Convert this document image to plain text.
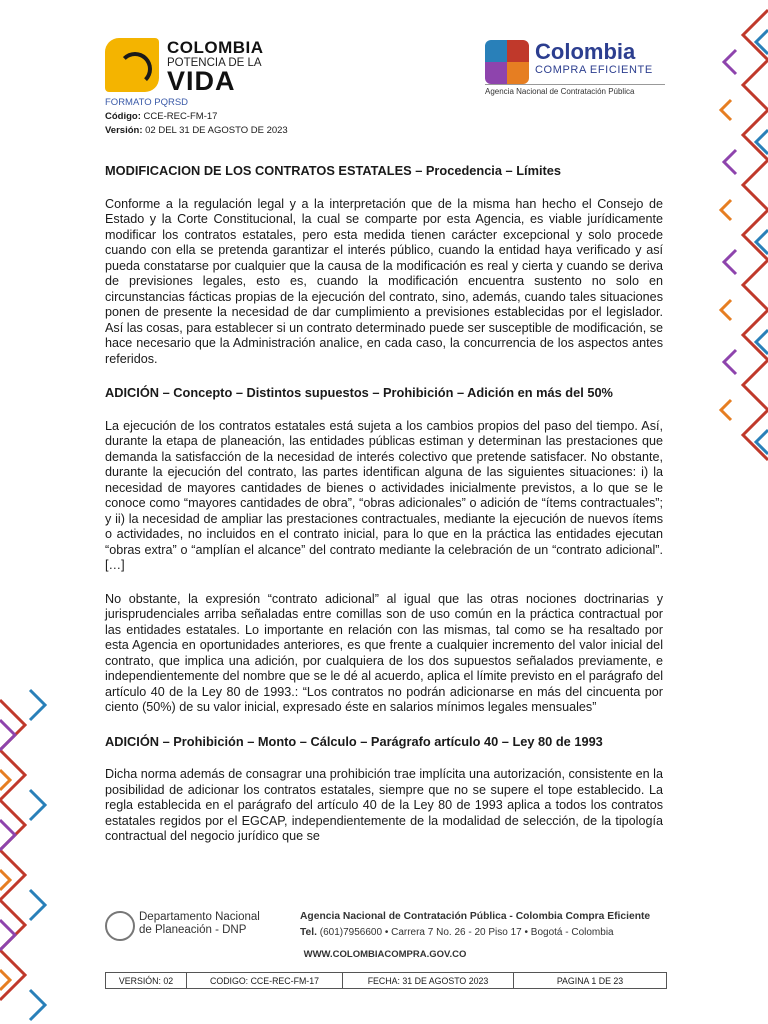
COLOMBIA
POTENCIA DE LA
VIDA
Colombia
COMPRA EFICIENTE
Agencia Nacional de Contratación Pública
FORMATO PQRSD
Código: CCE-REC-FM-17
Versión: 02 DEL 31 DE AGOSTO DE 2023
MODIFICACION DE LOS CONTRATOS ESTATALES – Procedencia – Límites

Conforme a la regulación legal y a la interpretación que de la misma han hecho el Consejo de Estado y la Corte Constitucional, la cual se comparte por esta Agencia, es viable jurídicamente modificar los contratos estatales, pero esta medida tienen carácter excepcional y solo procede cuando con ella se pretenda garantizar el interés público, cuando la entidad haya verificado y así pueda constatarse por cualquier que la causa de la modificación es real y cierta y cuando se deriva de previsiones legales, esto es, cuando la modificación encuentra sustento no solo en circunstancias fácticas propias de la ejecución del contrato, sino, además, cuando tales situaciones ponen de presente la necesidad de dar cumplimiento a previsiones establecidas por el legislador. Así las cosas, para establecer si un contrato determinado puede ser susceptible de modificación, se hace necesario que la Administración analice, en cada caso, la concurrencia de los aspectos antes referidos.

ADICIÓN – Concepto – Distintos supuestos – Prohibición – Adición en más del 50%

La ejecución de los contratos estatales está sujeta a los cambios propios del paso del tiempo. Así, durante la etapa de planeación, las entidades públicas estiman y determinan las prestaciones que demanda la satisfacción de la necesidad de interés colectivo que pretende satisfacer. No obstante, durante la ejecución del contrato, las partes identifican alguna de las siguientes situaciones: i) la necesidad de mayores cantidades de bienes o actividades inicialmente previstos, a lo que se le conoce como “mayores cantidades de obra”, “obras adicionales” o adición de “ítems contractuales”; y ii) la necesidad de ampliar las prestaciones contractuales, mediante la ejecución de nuevos ítems o actividades, no incluidos en el contrato inicial, para lo que en la práctica las entidades ejecutan “obras extra” o “amplían el alcance” del contrato mediante la celebración de un “contrato adicional”. […]

No obstante, la expresión “contrato adicional” al igual que las otras nociones doctrinarias y jurisprudenciales arriba señaladas entre comillas son de uso común en la práctica contractual por las entidades estatales. Lo importante en relación con las mismas, tal como se ha resaltado por esta Agencia en oportunidades anteriores, es que frente a cualquier incremento del valor inicial del contrato, que implica una adición, por cualquiera de los dos supuestos señalados previamente, e independientemente del nombre que se le dé al acuerdo, aplica el límite previsto en el parágrafo del artículo 40 de la Ley 80 de 1993.: “Los contratos no podrán adicionarse en más del cincuenta por ciento (50%) de su valor inicial, expresado éste en salarios mínimos legales mensuales”

ADICIÓN – Prohibición – Monto – Cálculo – Parágrafo artículo 40 – Ley 80 de 1993

Dicha norma además de consagrar una prohibición trae implícita una autorización, consistente en la posibilidad de adicionar los contratos estatales, siempre que no se supere el tope establecido. La regla establecida en el parágrafo del artículo 40 de la Ley 80 de 1993 aplica a todos los contratos estatales regidos por el EGCAP, independientemente de la modalidad de selección, de la tipología contractual del negocio jurídico que se

Departamento Nacional
de Planeación - DNP
Agencia Nacional de Contratación Pública - Colombia Compra Eficiente
Tel. (601)7956600 • Carrera 7 No. 26 - 20 Piso 17 • Bogotá - Colombia
WWW.COLOMBIACOMPRA.GOV.CO
VERSIÓN: 02	CODIGO: CCE-REC-FM-17	FECHA: 31 DE AGOSTO 2023	PAGINA 1 DE 23
